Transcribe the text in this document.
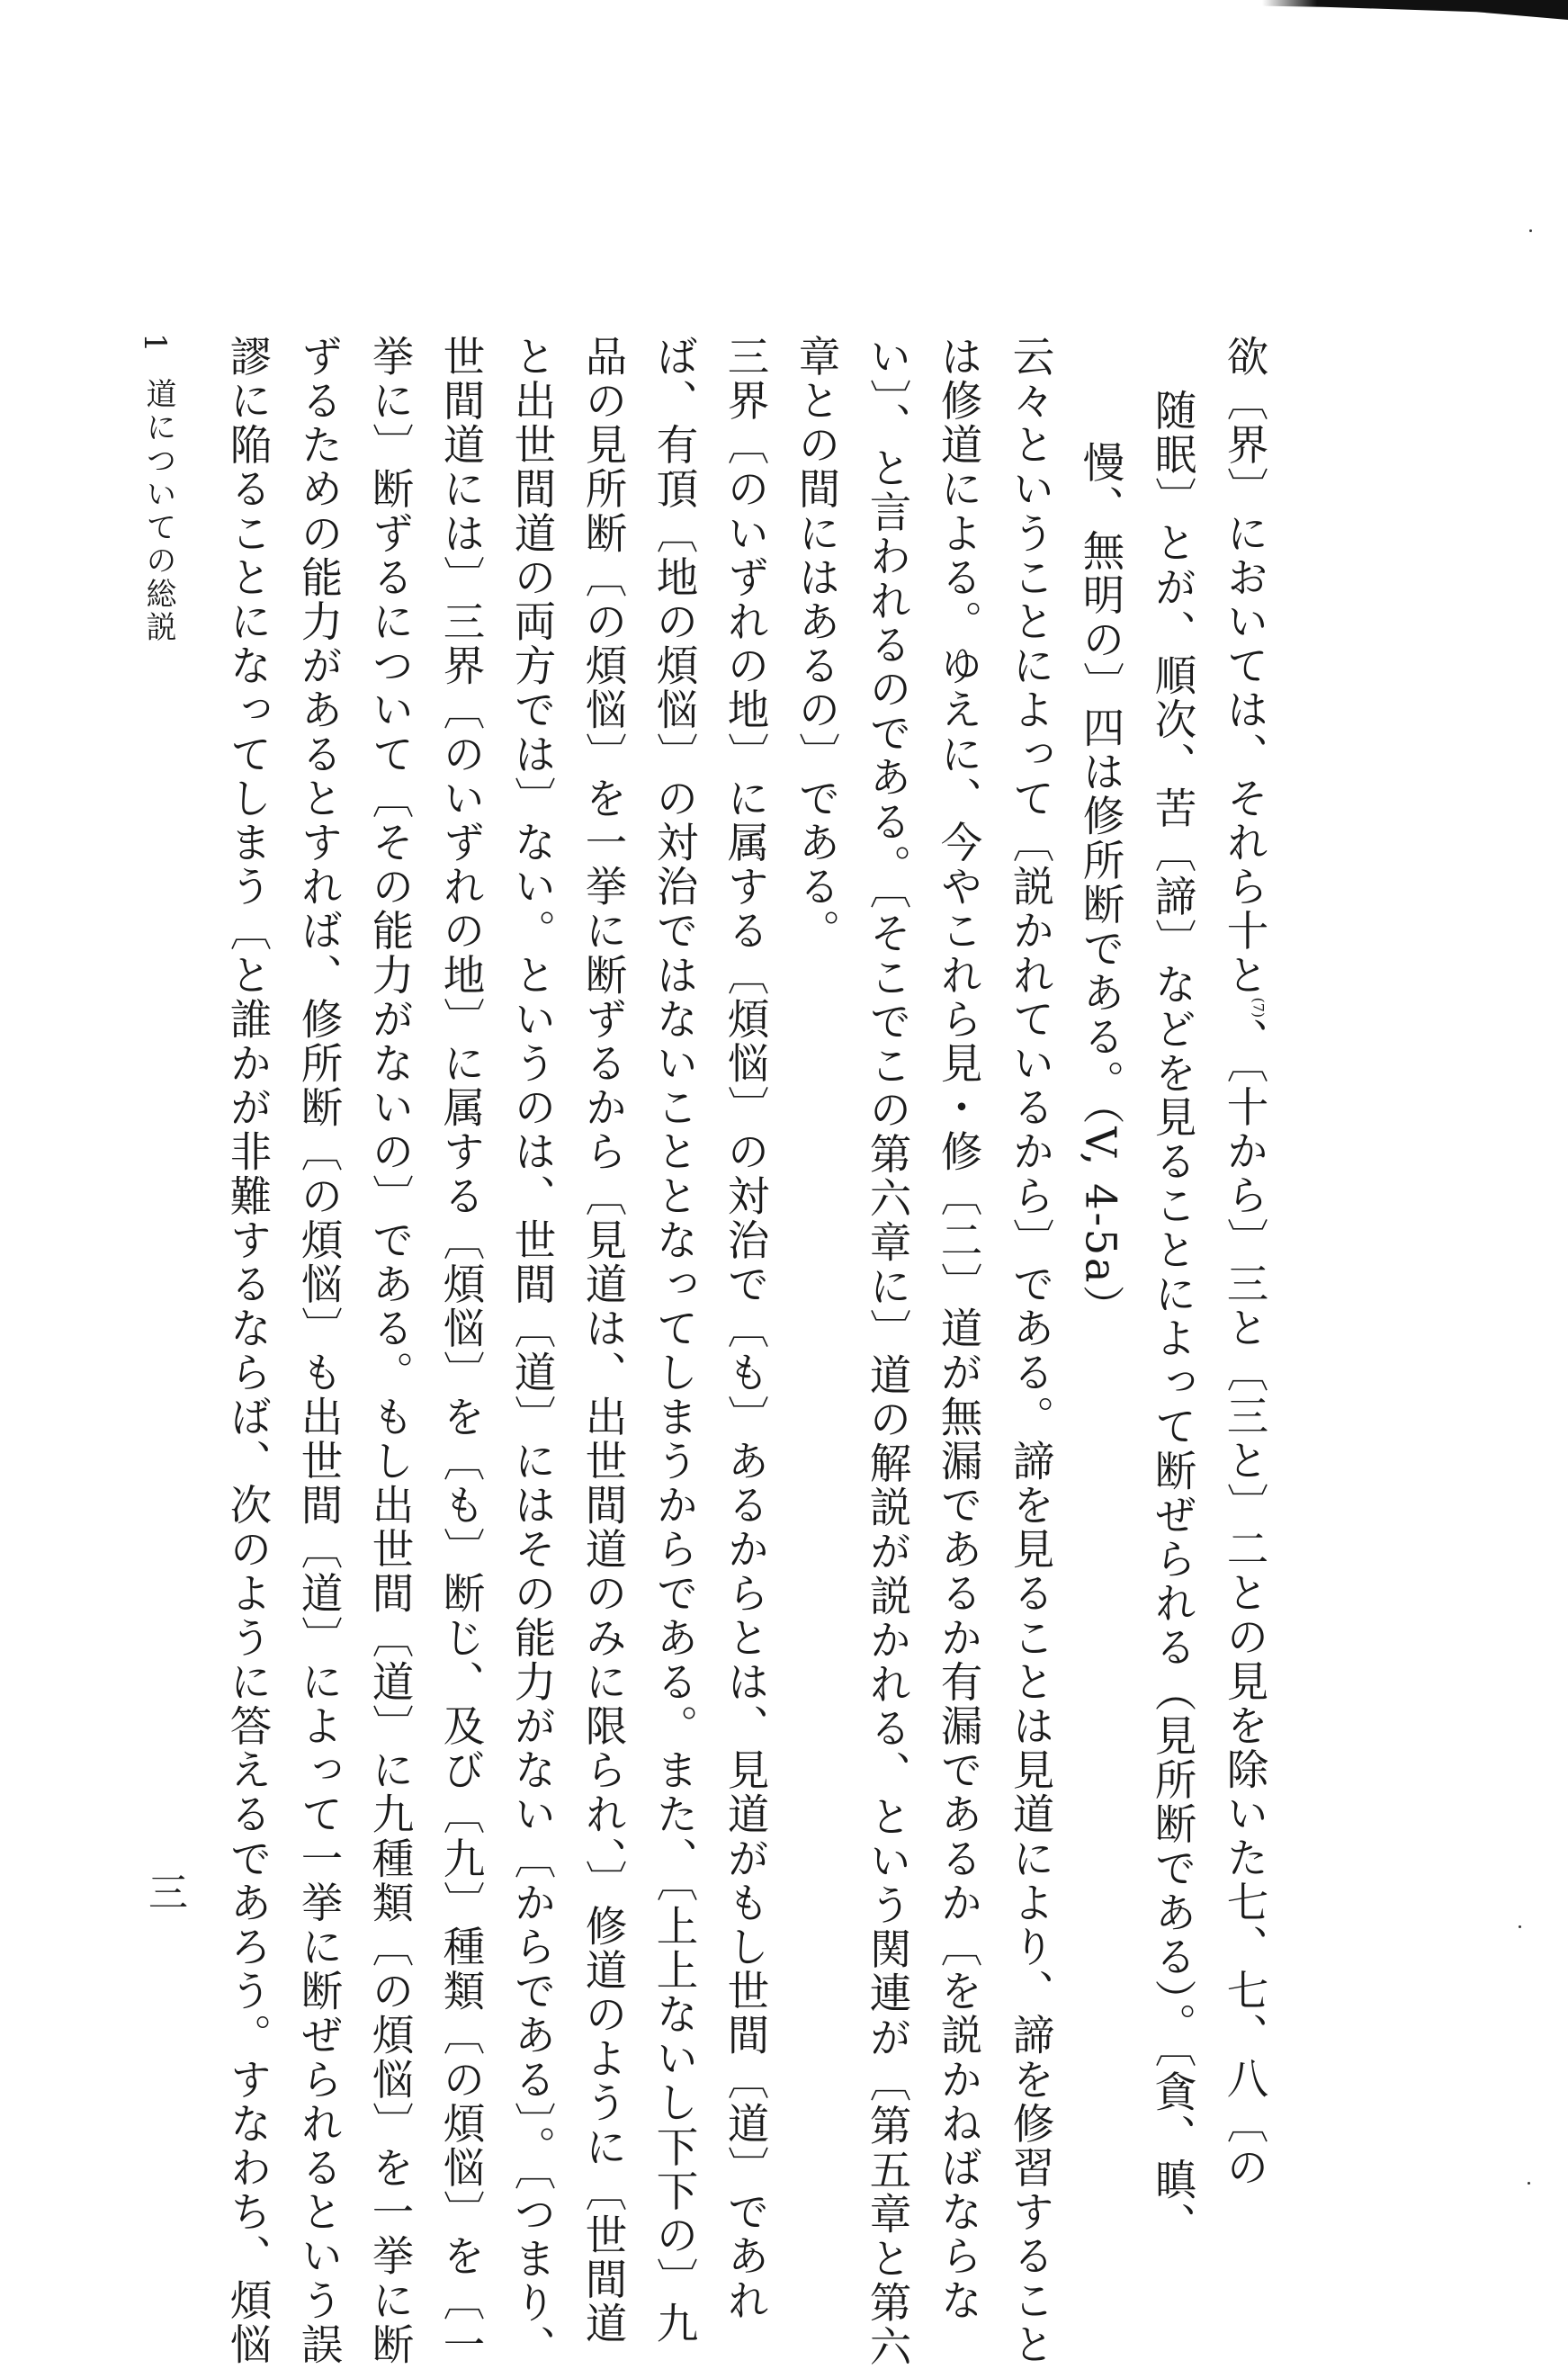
欲〔界〕においては、それら十と$^{(7)}$、〔十から〕三と〔三と〕二との見を除いた七、七、八〔の
随眠〕とが、順次、苦〔諦〕などを見ることによって断ぜられる（見所断である）。〔貪、瞋、
慢、無明の〕四は修所断である。（V, 4-5a）
云々ということによって〔説かれているから〕である。諦を見ることは見道により、諦を修習すること
は修道による。ゆえに、今やこれら見・修〔二〕道が無漏であるか有漏であるか〔を説かねばならな
い〕、と言われるのである。〔そこでこの第六章に〕道の解説が説かれる、という関連が〔第五章と第六
章との間にはあるの〕である。
三界〔のいずれの地〕に属する〔煩悩〕の対治で〔も〕あるからとは、見道がもし世間〔道〕であれ
ば、有頂〔地の煩悩〕の対治ではないこととなってしまうからである。また、〔上上ないし下下の〕九
品の見所断〔の煩悩〕を一挙に断ずるから〔見道は、出世間道のみに限られ、〕修道のように〔世間道
と出世間道の両方では〕ない。というのは、世間〔道〕にはその能力がない〔からである〕。〔つまり、
世間道には〕三界〔のいずれの地〕に属する〔煩悩〕を〔も〕断じ、及び〔九〕種類〔の煩悩〕を〔一
挙に〕断ずるについて〔その能力がないの〕である。もし出世間〔道〕に九種類〔の煩悩〕を一挙に断
ずるための能力があるとすれば、修所断〔の煩悩〕も出世間〔道〕によって一挙に断ぜられるという誤
謬に陥ることになってしまう〔と誰かが非難するならば、次のように答えるであろう。すなわち、煩悩
1
道についての総説
三
